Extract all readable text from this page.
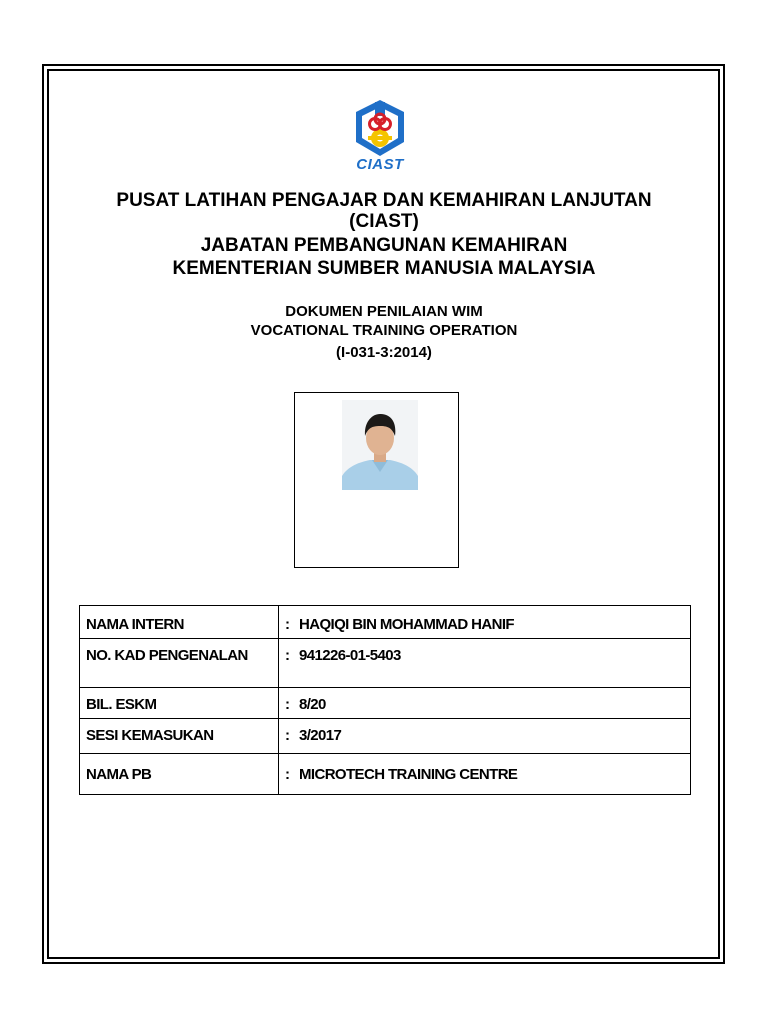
CIAST
PUSAT LATIHAN PENGAJAR DAN KEMAHIRAN LANJUTAN
(CIAST)
JABATAN PEMBANGUNAN KEMAHIRAN
KEMENTERIAN SUMBER MANUSIA MALAYSIA
DOKUMEN PENILAIAN WIM
VOCATIONAL TRAINING OPERATION
(I-031-3:2014)
NAMA INTERN	: HAQIQI BIN MOHAMMAD HANIF
NO. KAD PENGENALAN	: 941226-01-5403
BIL. ESKM	: 8/20
SESI KEMASUKAN	: 3/2017
NAMA PB	: MICROTECH TRAINING CENTRE
